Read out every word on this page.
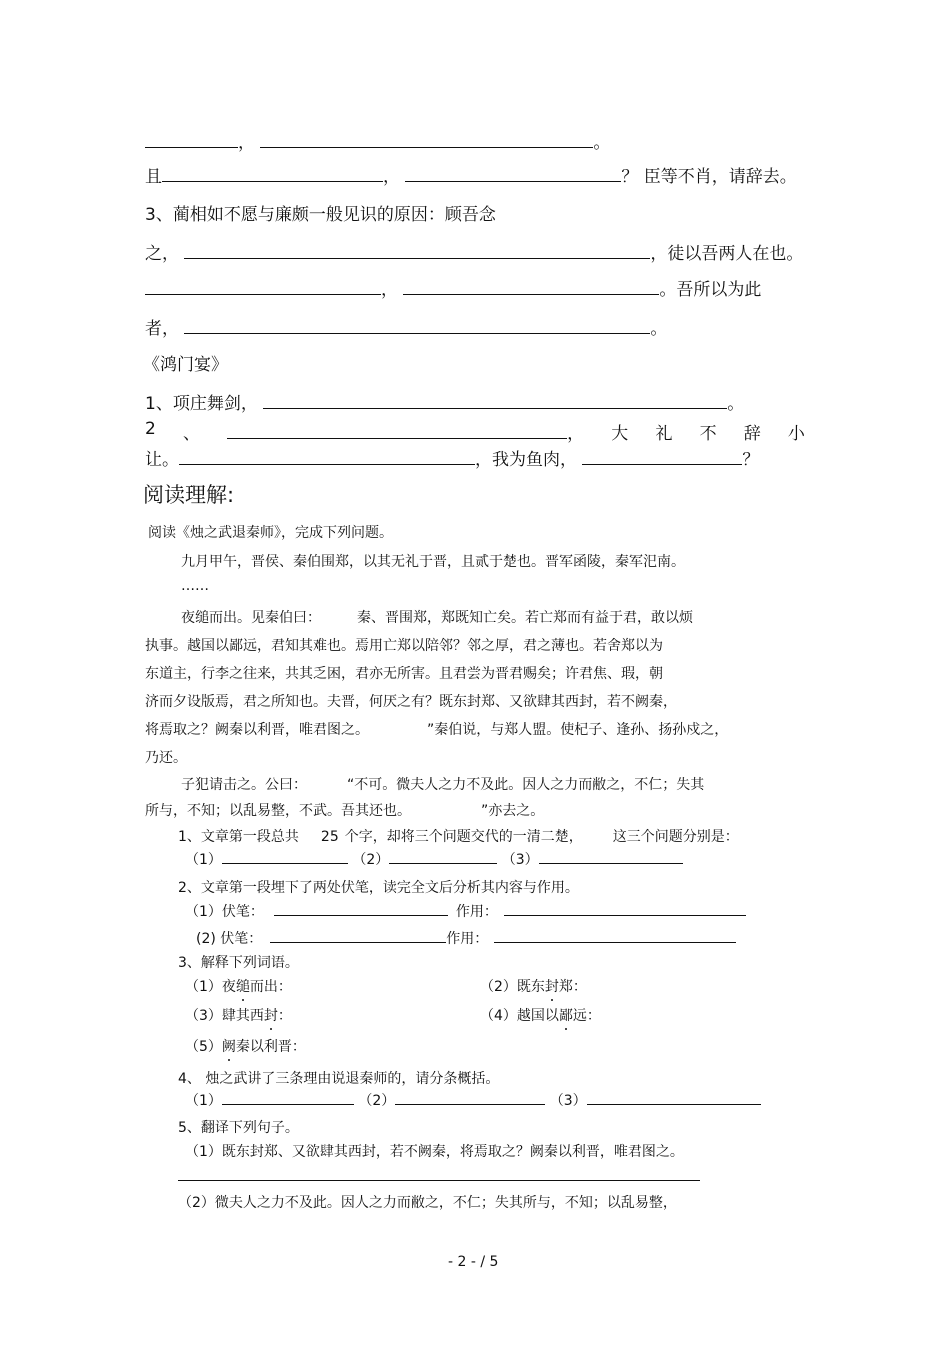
，	。
且	，	？ 臣等不肖，请辞去。
3、蔺相如不愿与廉颇一般见识的原因：顾吾念
之，	，徒以吾两人在也。
，	。吾所以为此
者，	。
《鸿门宴》
1、项庄舞剑，	。
2 、	， 大 礼 不 辞 小
让。	，我为鱼肉，	？
阅读理解:
阅读《烛之武退秦师》，完成下列问题。
九月甲午，晋侯、秦伯围郑，以其无礼于晋，且贰于楚也。晋军函陵，秦军汜南。
……
夜缒而出。见秦伯曰：	秦、晋围郑，郑既知亡矣。若亡郑而有益于君，敢以烦
执事。越国以鄙远，君知其难也。焉用亡郑以陪邻？邻之厚，君之薄也。若舍郑以为
东道主，行李之往来，共其乏困，君亦无所害。且君尝为晋君赐矣；许君焦、瑕，朝
济而夕设版焉，君之所知也。夫晋，何厌之有？既东封郑、又欲肆其西封，若不阙秦，
将焉取之？阙秦以利晋，唯君图之。	”秦伯说，与郑人盟。使杞子、逢孙、扬孙戍之，
乃还。
子犯请击之。公曰：	“不可。微夫人之力不及此。因人之力而敝之，不仁；失其
所与，不知；以乱易整，不武。吾其还也。	”亦去之。
1、文章第一段总共 25 个字，却将三个问题交代的一清二楚， 这三个问题分别是：
（1）	（2）	（3）
2、文章第一段埋下了两处伏笔，读完全文后分析其内容与作用。
（1）伏笔：	作用：
(2) 伏笔：	作用：
3、解释下列词语。
（1）夜缒而出：	（2）既东封郑：
（3）肆其西封：	（4）越国以鄙远：
（5）阙秦以利晋：
4、 烛之武讲了三条理由说退秦师的，请分条概括。
（1）	（2）	（3）
5、翻译下列句子。
（1）既东封郑、又欲肆其西封，若不阙秦，将焉取之？阙秦以利晋，唯君图之。
（2）微夫人之力不及此。因人之力而敝之，不仁；失其所与，不知；以乱易整，
- 2 - / 5
